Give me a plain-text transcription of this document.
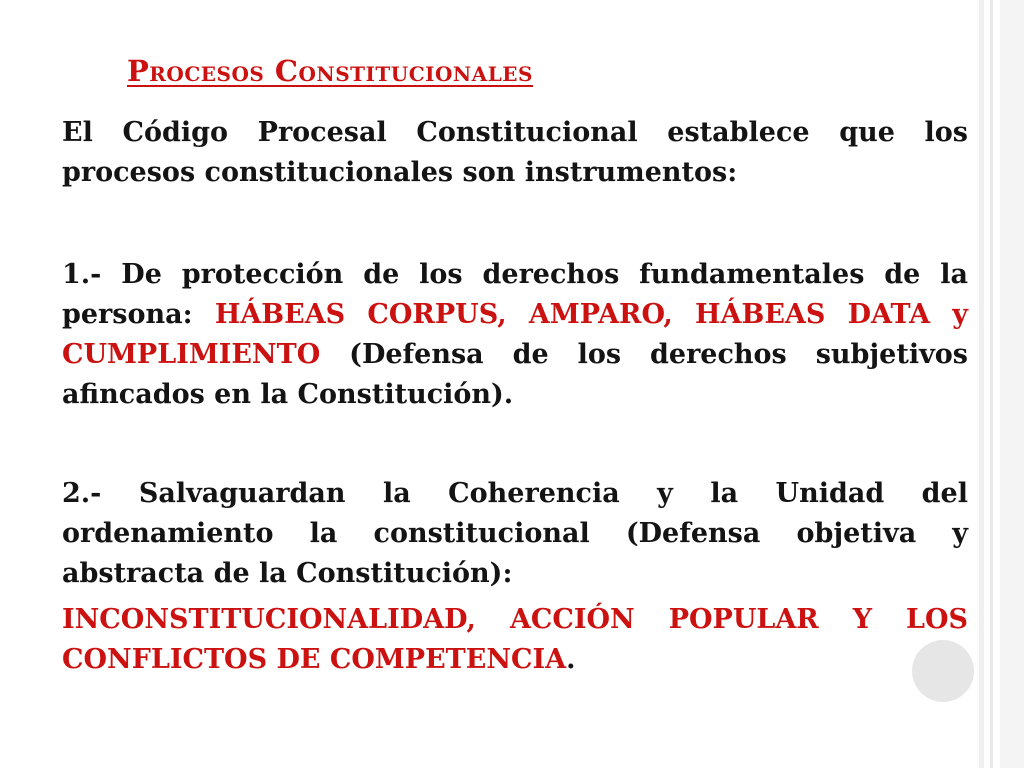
Procesos Constitucionales

El Código Procesal Constitucional establece que los procesos constitucionales son instrumentos:

1.- De protección de los derechos fundamentales de la persona: HÁBEAS CORPUS, AMPARO, HÁBEAS DATA y CUMPLIMIENTO (Defensa de los derechos subjetivos afincados en la Constitución).

2.- Salvaguardan la Coherencia y la Unidad del ordenamiento la constitucional (Defensa objetiva y abstracta de la Constitución):

INCONSTITUCIONALIDAD, ACCIÓN POPULAR Y LOS CONFLICTOS DE COMPETENCIA.
